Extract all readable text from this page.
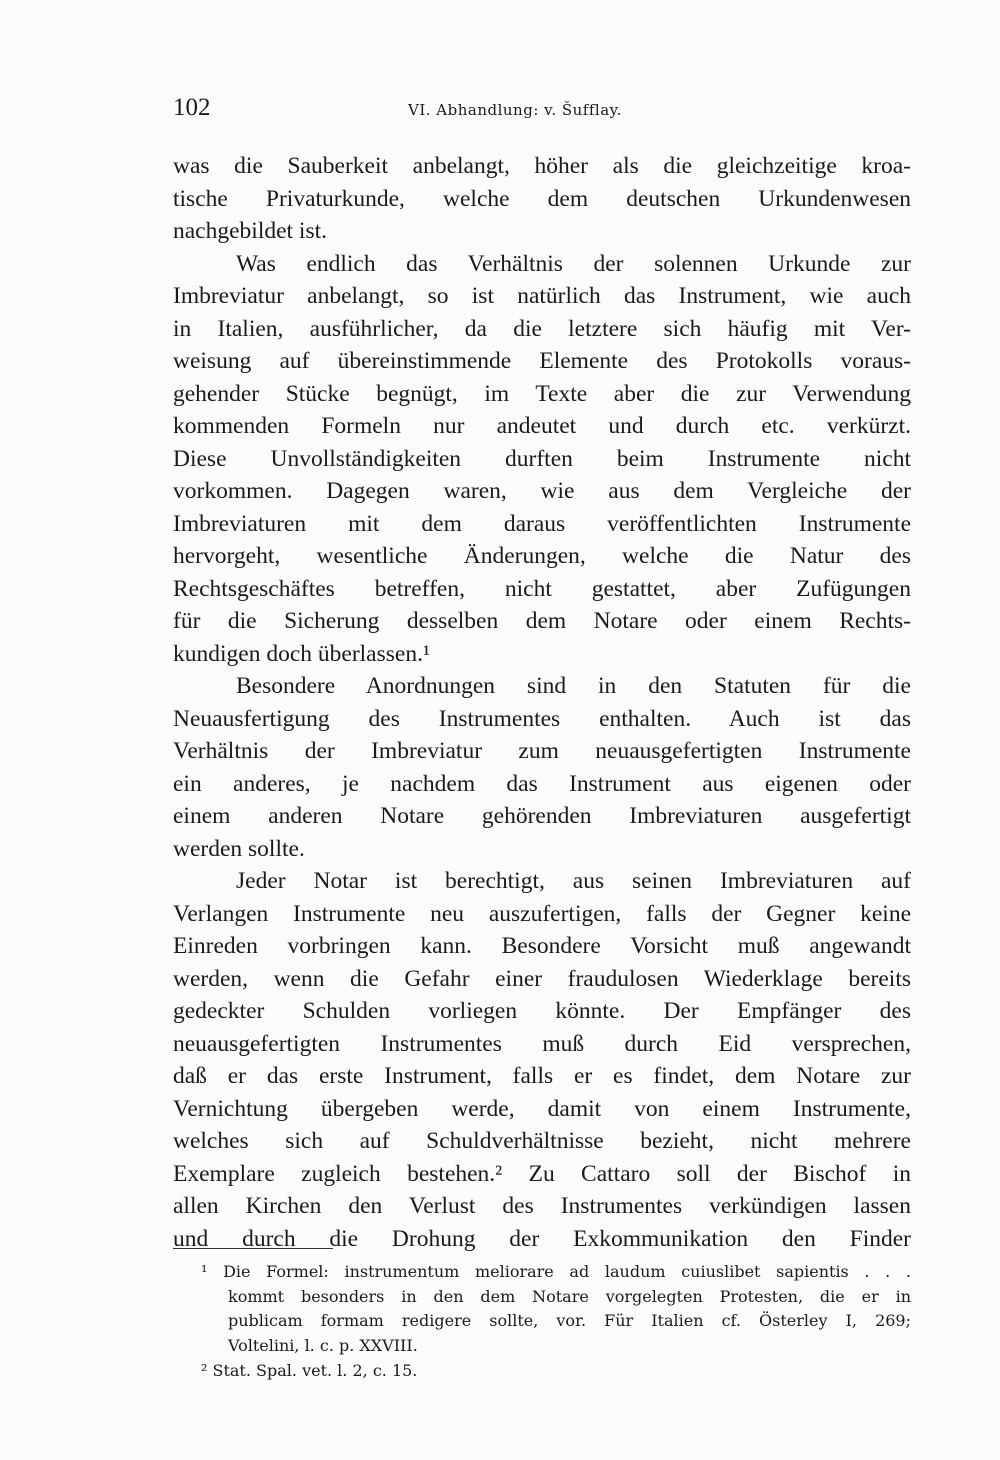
102	VI. Abhandlung: v. Šufflay.
was die Sauberkeit anbelangt, höher als die gleichzeitige kroa-
tische Privaturkunde, welche dem deutschen Urkundenwesen
nachgebildet ist.
Was endlich das Verhältnis der solennen Urkunde zur
Imbreviatur anbelangt, so ist natürlich das Instrument, wie auch
in Italien, ausführlicher, da die letztere sich häufig mit Ver-
weisung auf übereinstimmende Elemente des Protokolls voraus-
gehender Stücke begnügt, im Texte aber die zur Verwendung
kommenden Formeln nur andeutet und durch etc. verkürzt.
Diese Unvollständigkeiten durften beim Instrumente nicht
vorkommen. Dagegen waren, wie aus dem Vergleiche der
Imbreviaturen mit dem daraus veröffentlichten Instrumente
hervorgeht, wesentliche Änderungen, welche die Natur des
Rechtsgeschäftes betreffen, nicht gestattet, aber Zufügungen
für die Sicherung desselben dem Notare oder einem Rechts-
kundigen doch überlassen.¹
Besondere Anordnungen sind in den Statuten für die
Neuausfertigung des Instrumentes enthalten. Auch ist das
Verhältnis der Imbreviatur zum neuausgefertigten Instrumente
ein anderes, je nachdem das Instrument aus eigenen oder
einem anderen Notare gehörenden Imbreviaturen ausgefertigt
werden sollte.
Jeder Notar ist berechtigt, aus seinen Imbreviaturen auf
Verlangen Instrumente neu auszufertigen, falls der Gegner keine
Einreden vorbringen kann. Besondere Vorsicht muß angewandt
werden, wenn die Gefahr einer fraudulosen Wiederklage bereits
gedeckter Schulden vorliegen könnte. Der Empfänger des
neuausgefertigten Instrumentes muß durch Eid versprechen,
daß er das erste Instrument, falls er es findet, dem Notare zur
Vernichtung übergeben werde, damit von einem Instrumente,
welches sich auf Schuldverhältnisse bezieht, nicht mehrere
Exemplare zugleich bestehen.² Zu Cattaro soll der Bischof in
allen Kirchen den Verlust des Instrumentes verkündigen lassen
und durch die Drohung der Exkommunikation den Finder
¹ Die Formel: instrumentum meliorare ad laudum cuiuslibet sapientis . . .
kommt besonders in den dem Notare vorgelegten Protesten, die er in
publicam formam redigere sollte, vor. Für Italien cf. Österley I, 269;
Voltelini, l. c. p. XXVIII.
² Stat. Spal. vet. l. 2, c. 15.
